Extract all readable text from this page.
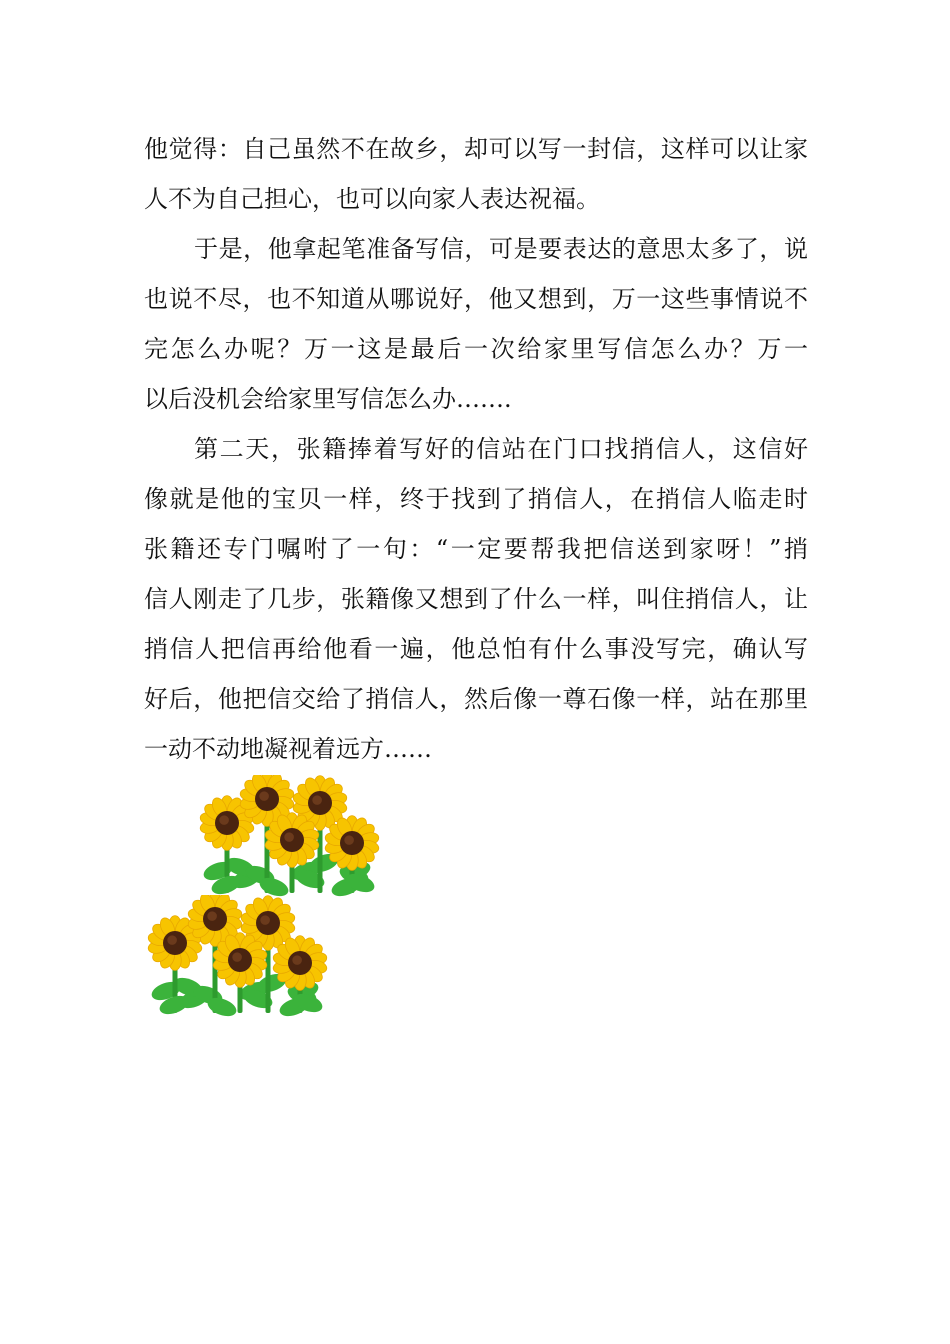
他觉得：自己虽然不在故乡，却可以写一封信，这样可以让家
人不为自己担心，也可以向家人表达祝福。
于是，他拿起笔准备写信，可是要表达的意思太多了，说
也说不尽，也不知道从哪说好，他又想到，万一这些事情说不
完怎么办呢？万一这是最后一次给家里写信怎么办？万一
以后没机会给家里写信怎么办…….
第二天，张籍捧着写好的信站在门口找捎信人，这信好
像就是他的宝贝一样，终于找到了捎信人，在捎信人临走时
张籍还专门嘱咐了一句：“一定要帮我把信送到家呀！”捎
信人刚走了几步，张籍像又想到了什么一样，叫住捎信人，让
捎信人把信再给他看一遍，他总怕有什么事没写完，确认写
好后，他把信交给了捎信人，然后像一尊石像一样，站在那里
一动不动地凝视着远方……
